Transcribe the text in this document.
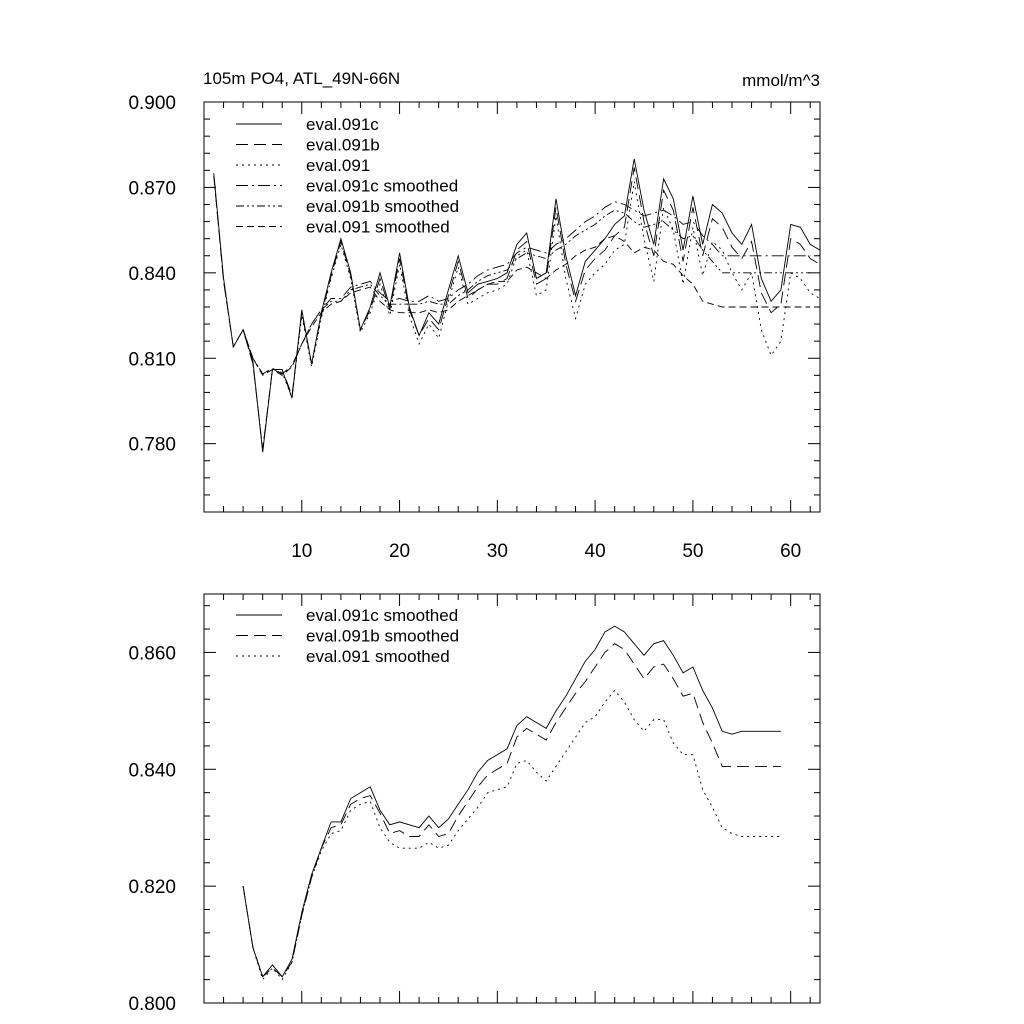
105m PO4, ATL_49N-66N	mmol/m^3
10	20	30	40	50	60
0.780
0.810
0.840
0.870
0.900
eval.091c
eval.091b
eval.091
eval.091c smoothed
eval.091b smoothed
eval.091 smoothed
0.800
0.820
0.840
0.860
eval.091c smoothed
eval.091b smoothed
eval.091 smoothed
